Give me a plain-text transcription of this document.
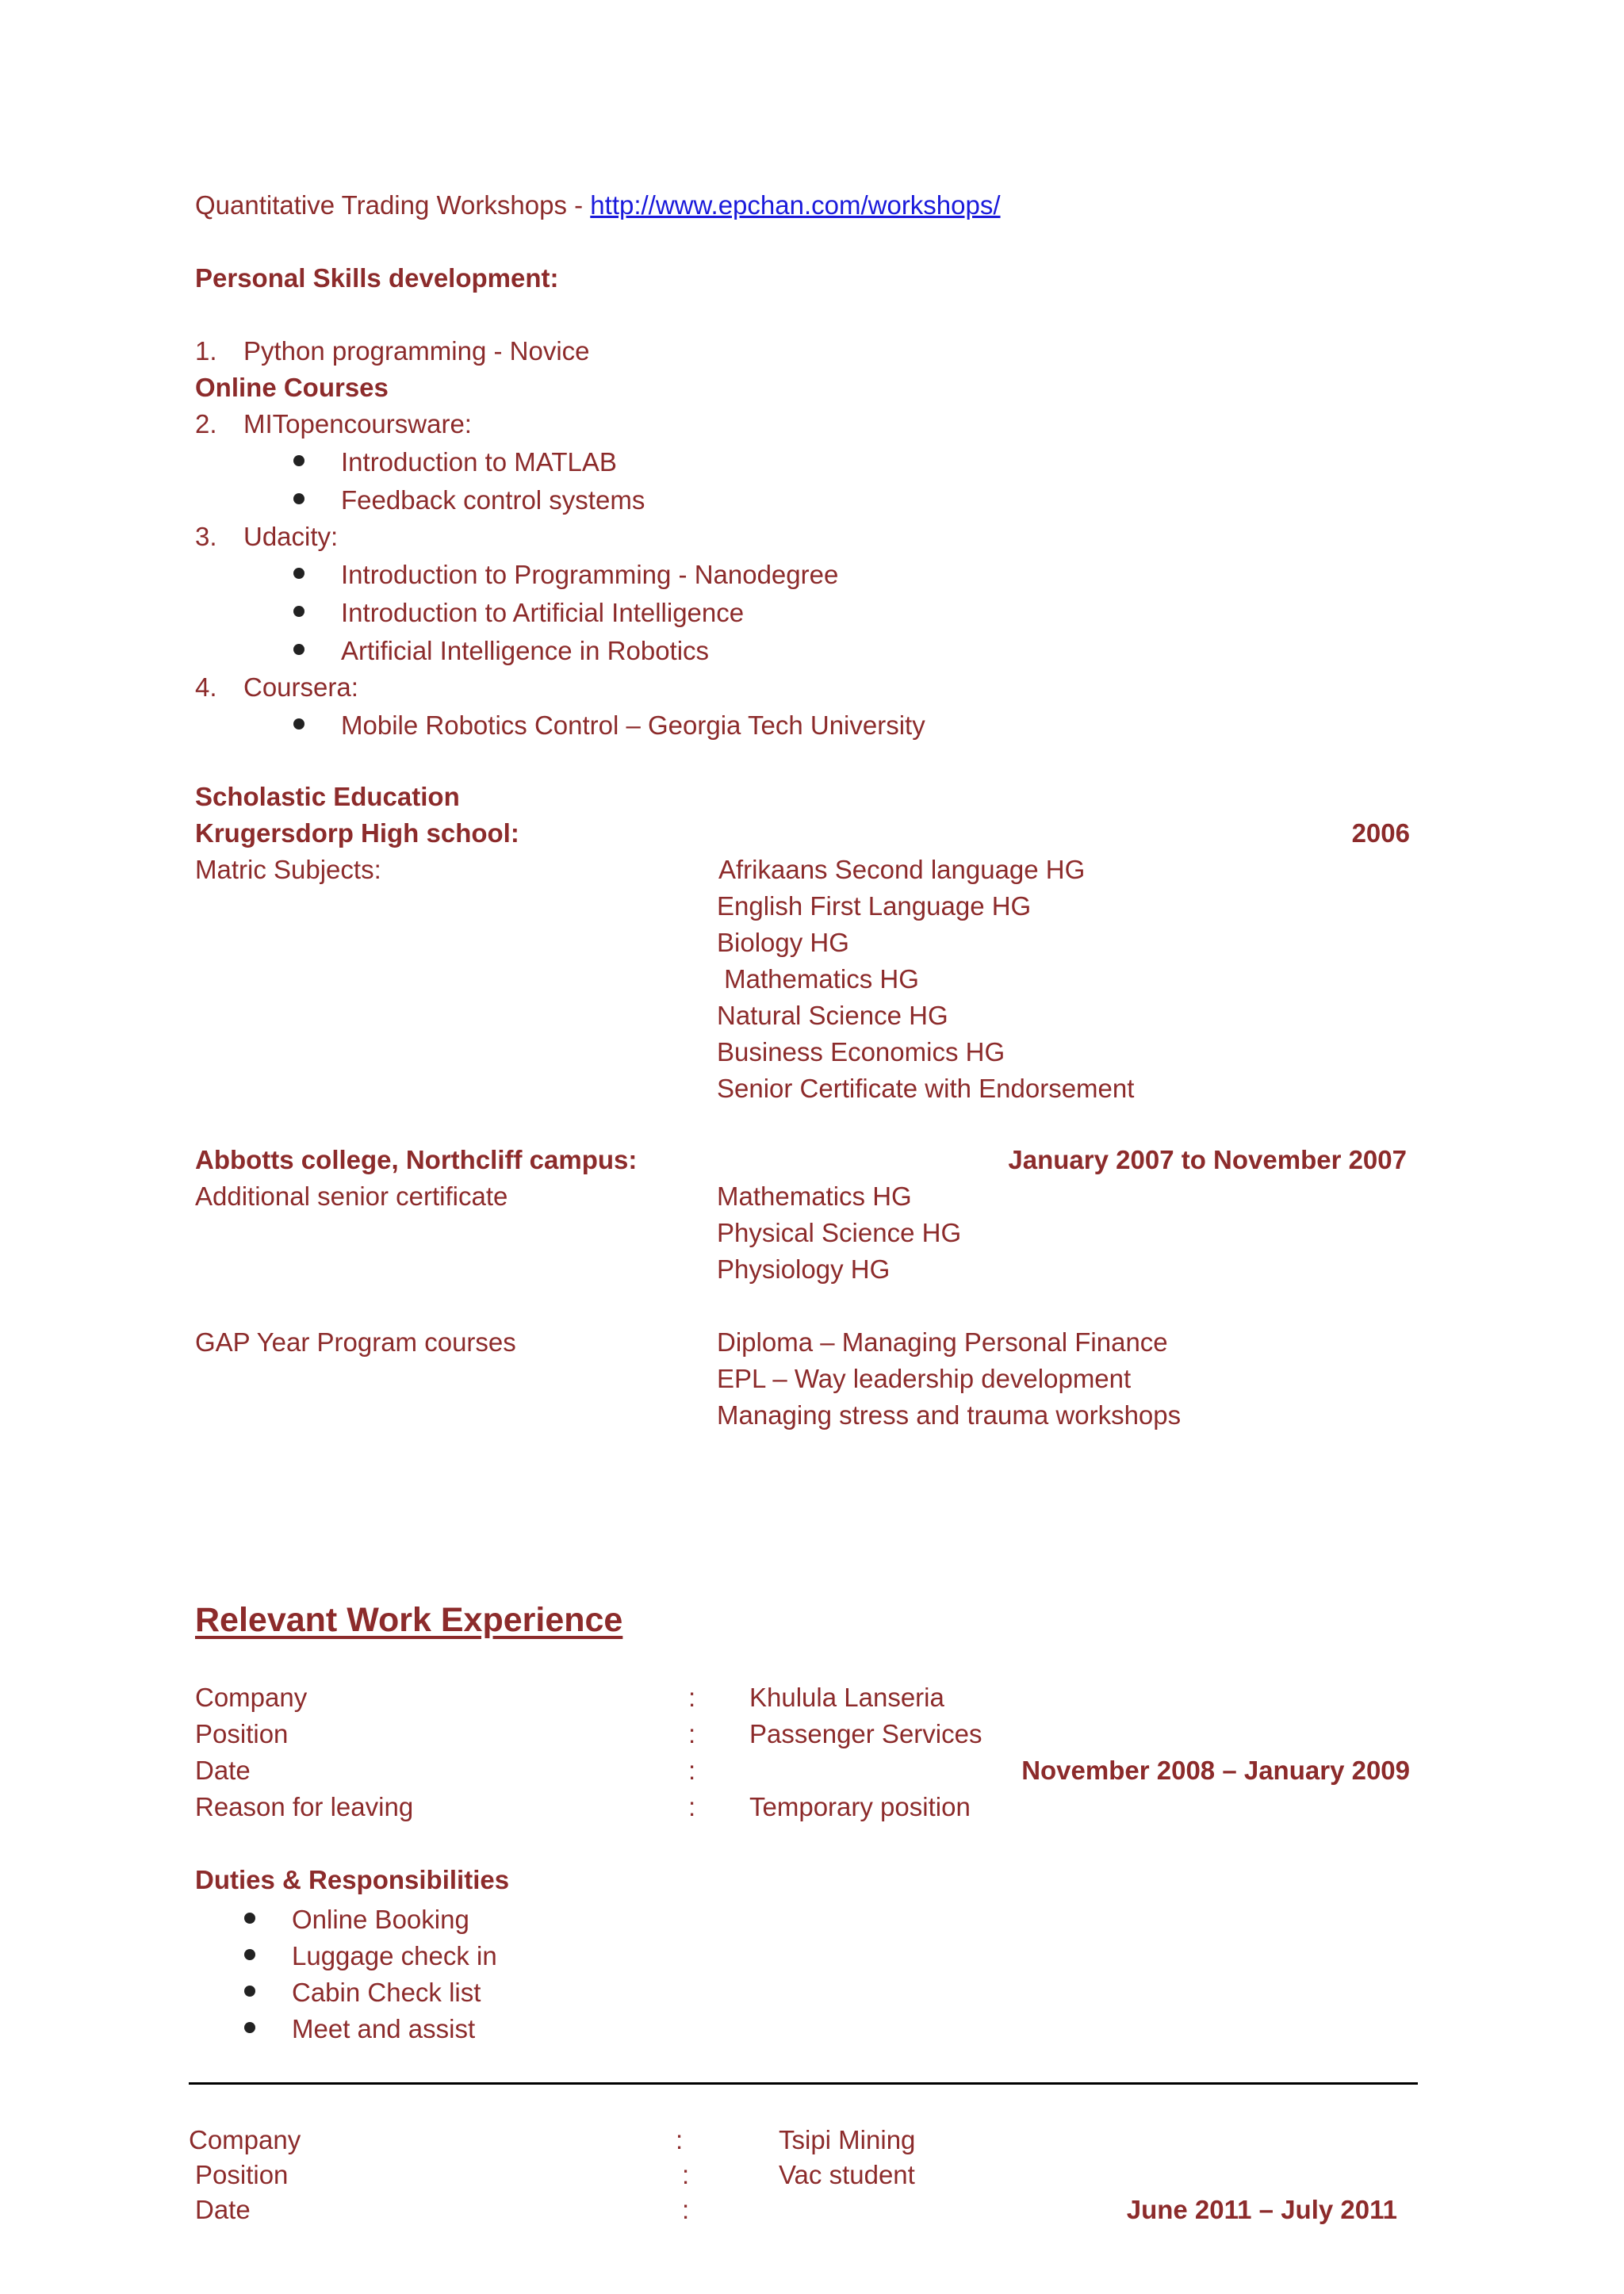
Quantitative Trading Workshops - http://www.epchan.com/workshops/
Personal Skills development:
1. Python programming - Novice
Online Courses
2. MITopencoursware:
Introduction to MATLAB
Feedback control systems
3. Udacity:
Introduction to Programming - Nanodegree
Introduction to Artificial Intelligence
Artificial Intelligence in Robotics
4. Coursera:
Mobile Robotics Control – Georgia Tech University
Scholastic Education
Krugersdorp High school:	2006
Matric Subjects:	Afrikaans Second language HG
English First Language HG
Biology HG
Mathematics HG
Natural Science HG
Business Economics HG
Senior Certificate with Endorsement
Abbotts college, Northcliff campus:	January 2007 to November 2007
Additional senior certificate	Mathematics HG
Physical Science HG
Physiology HG
GAP Year Program courses	Diploma – Managing Personal Finance
EPL – Way leadership development
Managing stress and trauma workshops
Relevant Work Experience
Company	: Khulula Lanseria
Position	: Passenger Services
Date	:	November 2008 – January 2009
Reason for leaving	: Temporary position
Duties & Responsibilities
Online Booking
Luggage check in
Cabin Check list
Meet and assist
Company	:	Tsipi Mining
Position	:	Vac student
Date	:	June 2011 – July 2011
